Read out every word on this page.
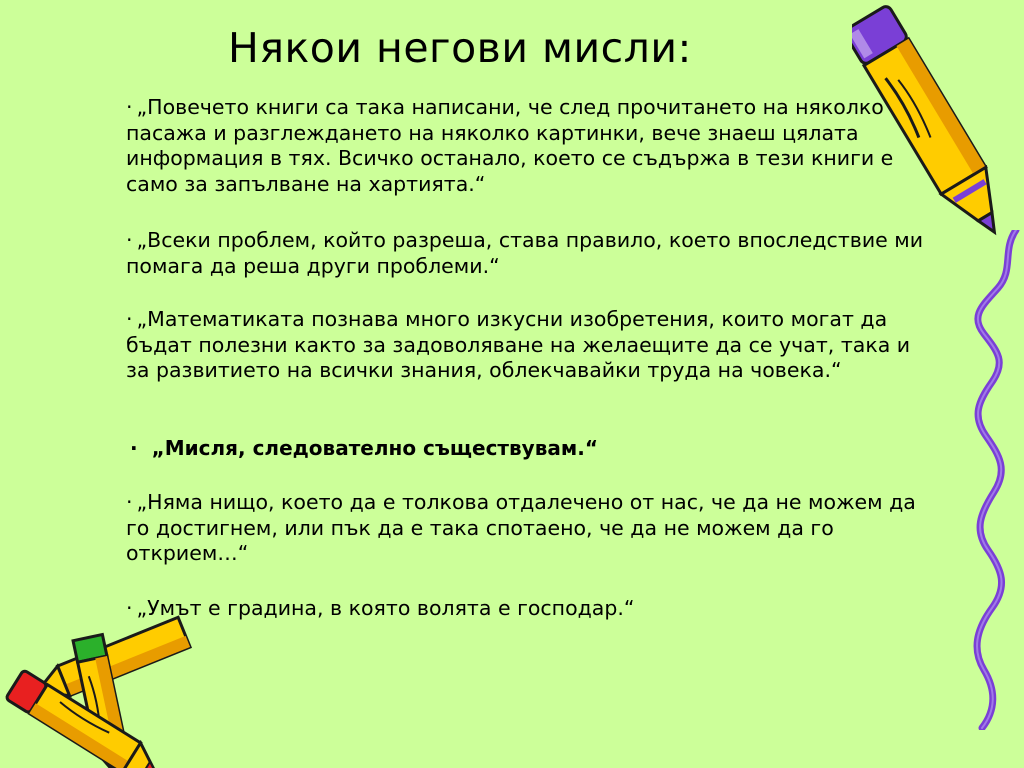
Някои негови мисли:

· „Повечето книги са така написани, че след прочитането на няколко пасажа и разглеждането на няколко картинки, вече знаеш цялата информация в тях. Всичко останало, което се съдържа в тези книги е само за запълване на хартията.“

· „Всеки проблем, който разреша, става правило, което впоследствие ми помага да реша други проблеми.“

· „Математиката познава много изкусни изобретения, които могат да бъдат полезни както за задоволяване на желаещите да се учат, така и за развитието на всички знания, облекчавайки труда на човека.“

· „Мисля, следователно съществувам.“

· „Няма нищо, което да е толкова отдалечено от нас, че да не можем да го достигнем, или пък да е така спотаено, че да не можем да го открием…“

· „Умът е градина, в която волята е господар.“
